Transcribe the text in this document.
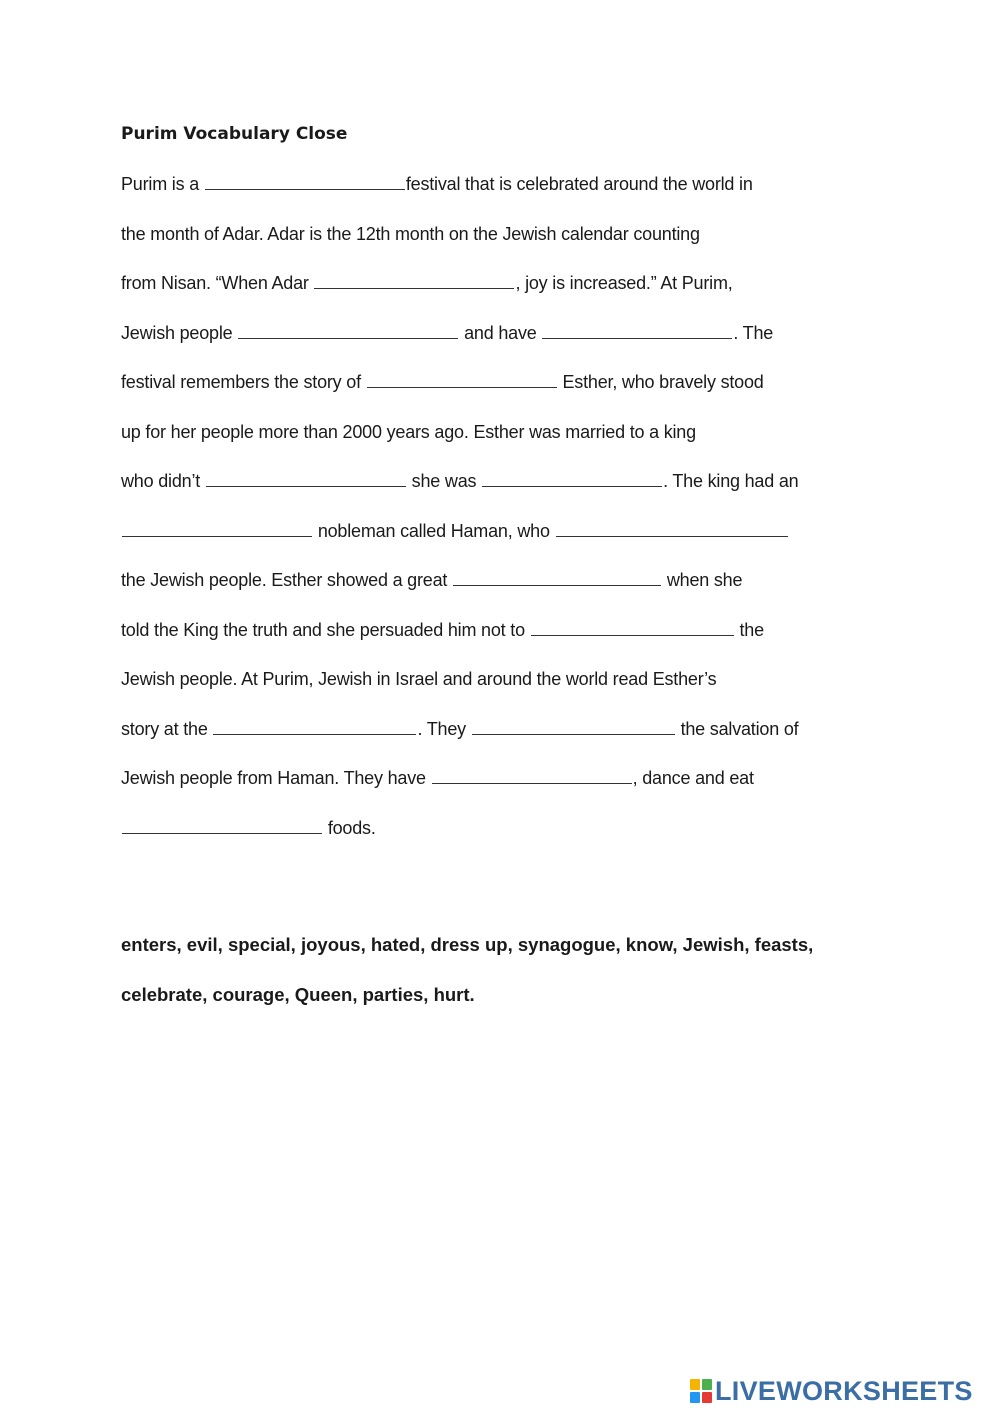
Purim Vocabulary Close
Purim is a	festival that is celebrated around the world in
the month of Adar. Adar is the 12th month on the Jewish calendar counting
from Nisan. “When Adar	, joy is increased.” At Purim,
Jewish people	and have	. The
festival remembers the story of	Esther, who bravely stood
up for her people more than 2000 years ago. Esther was married to a king
who didn’t	she was	. The king had an
nobleman called Haman, who
the Jewish people. Esther showed a great	when she
told the King the truth and she persuaded him not to	the
Jewish people. At Purim, Jewish in Israel and around the world read Esther’s
story at the	. They	the salvation of
Jewish people from Haman. They have	, dance and eat
foods.
enters, evil, special, joyous, hated, dress up, synagogue, know, Jewish, feasts,
celebrate, courage, Queen, parties, hurt.
LIVEWORKSHEETS
